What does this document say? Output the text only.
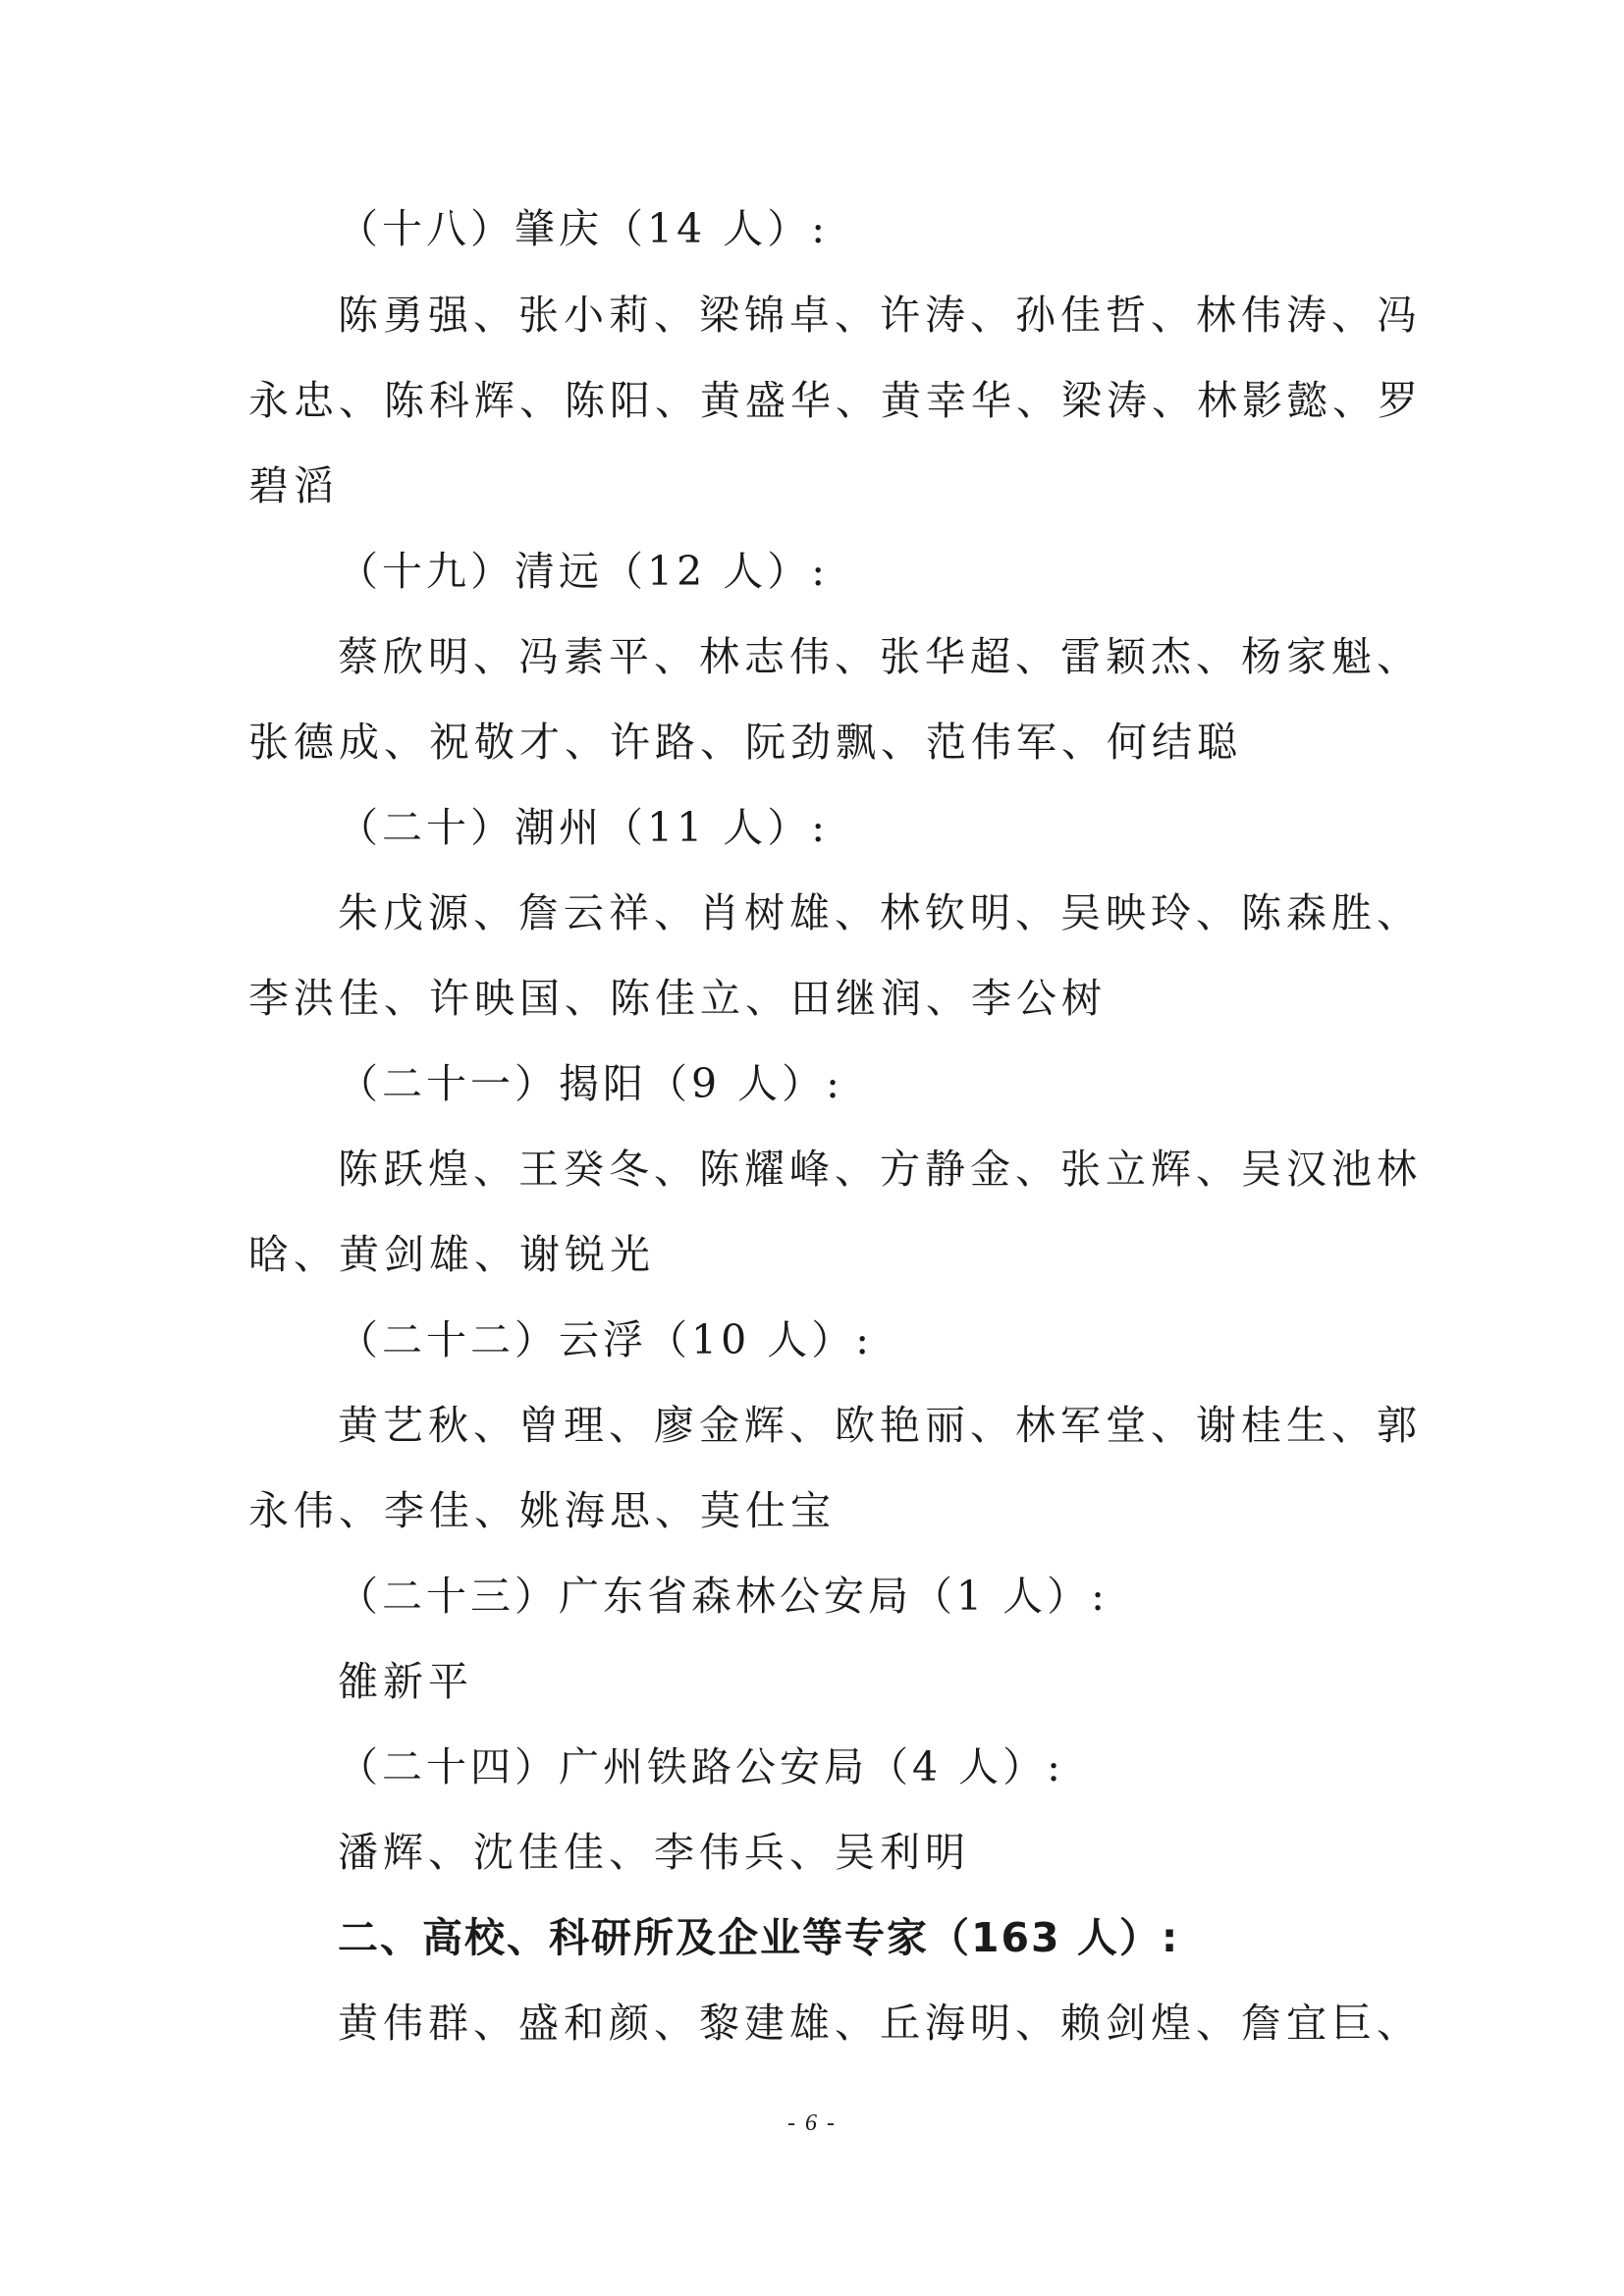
（十八）肇庆（14 人）:
陈勇强、张小莉、梁锦卓、许涛、孙佳哲、林伟涛、冯
永忠、陈科辉、陈阳、黄盛华、黄幸华、梁涛、林影懿、罗
碧滔
（十九）清远（12 人）:
蔡欣明、冯素平、林志伟、张华超、雷颖杰、杨家魁、
张德成、祝敬才、许路、阮劲飘、范伟军、何结聪
（二十）潮州（11 人）:
朱戊源、詹云祥、肖树雄、林钦明、吴映玲、陈森胜、
李洪佳、许映国、陈佳立、田继润、李公树
（二十一）揭阳（9 人）:
陈跃煌、王癸冬、陈耀峰、方静金、张立辉、吴汉池林
晗、黄剑雄、谢锐光
（二十二）云浮（10 人）:
黄艺秋、曾理、廖金辉、欧艳丽、林军堂、谢桂生、郭
永伟、李佳、姚海思、莫仕宝
（二十三）广东省森林公安局（1 人）:
雒新平
（二十四）广州铁路公安局（4 人）:
潘辉、沈佳佳、李伟兵、吴利明
二、高校、科研所及企业等专家（163 人）:
黄伟群、盛和颜、黎建雄、丘海明、赖剑煌、詹宜巨、
- 6 -
